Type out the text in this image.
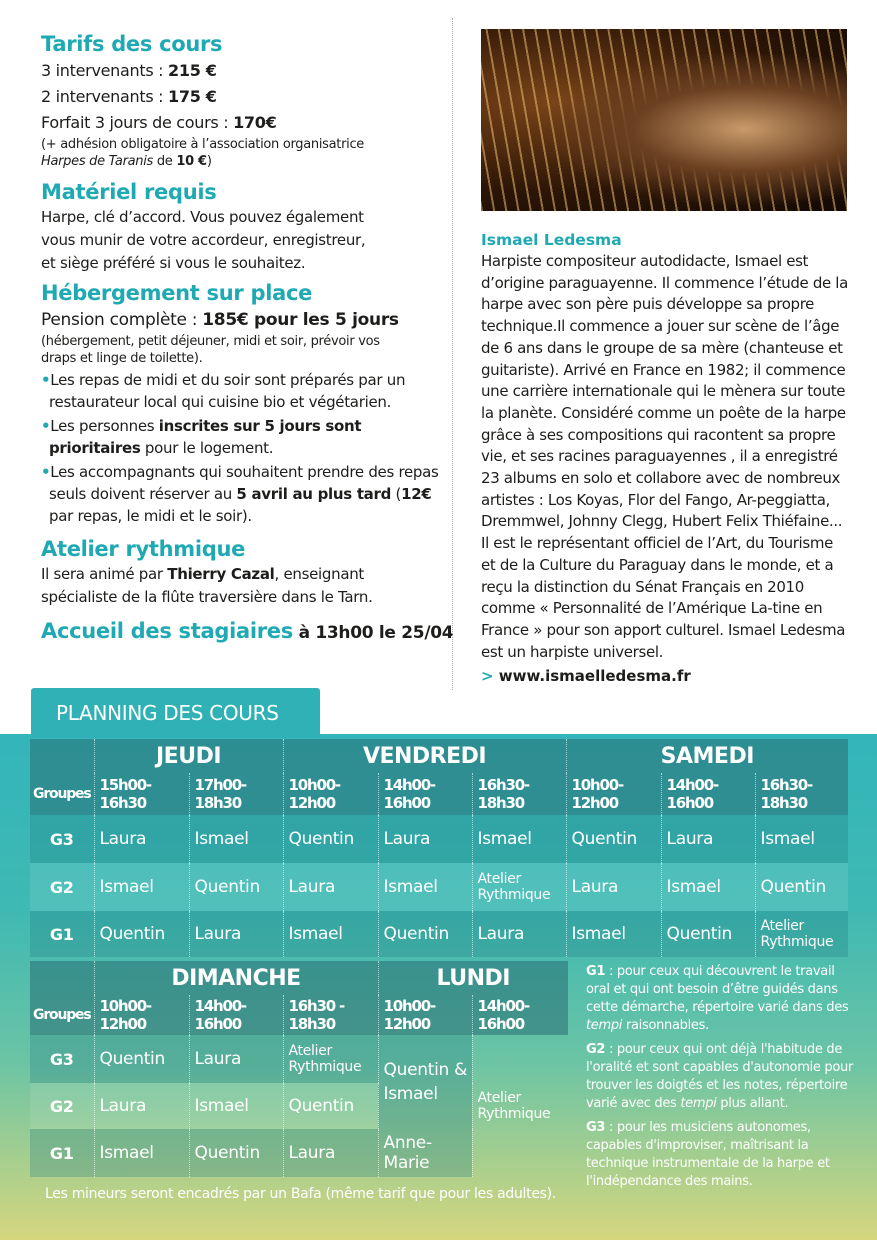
Tarifs des cours
3 intervenants : 215 €
2 intervenants : 175 €
Forfait 3 jours de cours : 170€
(+ adhésion obligatoire à l’association organisatrice
Harpes de Taranis de 10 €)
Matériel requis
Harpe, clé d’accord. Vous pouvez également
vous munir de votre accordeur, enregistreur,
et siège préféré si vous le souhaitez.
Hébergement sur place
Pension complète : 185€ pour les 5 jours
(hébergement, petit déjeuner, midi et soir, prévoir vos draps et linge de toilette).
•Les repas de midi et du soir sont préparés par un restaurateur local qui cuisine bio et végétarien.
•Les personnes inscrites sur 5 jours sont prioritaires pour le logement.
•Les accompagnants qui souhaitent prendre des repas seuls doivent réserver au 5 avril au plus tard (12€ par repas, le midi et le soir).
Atelier rythmique
Il sera animé par Thierry Cazal, enseignant spécialiste de la flûte traversière dans le Tarn.
Accueil des stagiaires à 13h00 le 25/04
Ismael Ledesma
Harpiste compositeur autodidacte, Ismael est d’origine paraguayenne. Il commence l’étude de la harpe avec son père puis développe sa propre technique.Il commence a jouer sur scène de l’âge de 6 ans dans le groupe de sa mère (chanteuse et guitariste). Arrivé en France en 1982; il commence une carrière internationale qui le mènera sur toute la planète. Considéré comme un poête de la harpe grâce à ses compositions qui racontent sa propre vie, et ses racines paraguayennes , il a enregistré 23 albums en solo et collabore avec de nombreux artistes : Los Koyas, Flor del Fango, Ar-peggiatta, Dremmwel, Johnny Clegg, Hubert Felix Thiéfaine... Il est le représentant officiel de l’Art, du Tourisme et de la Culture du Paraguay dans le monde, et a reçu la distinction du Sénat Français en 2010 comme « Personnalité de l’Amérique La-tine en France » pour son apport culturel. Ismael Ledesma est un harpiste universel.
> www.ismaelledesma.fr
PLANNING DES COURS
	JEUDI		VENDREDI			SAMEDI		
Groupes	15h00-16h30	17h00-18h30	10h00-12h00	14h00-16h00	16h30-18h30	10h00-12h00	14h00-16h00	16h30-18h30
G3	Laura	Ismael	Quentin	Laura	Ismael	Quentin	Laura	Ismael
G2	Ismael	Quentin	Laura	Ismael	Atelier Rythmique	Laura	Ismael	Quentin
G1	Quentin	Laura	Ismael	Quentin	Laura	Ismael	Quentin	Atelier Rythmique
	DIMANCHE			LUNDI	
Groupes	10h00-12h00	14h00-16h00	16h30 - 18h30	10h00-12h00	14h00-16h00
G3	Quentin	Laura	Atelier Rythmique	Quentin & Ismael	Atelier Rythmique
G2	Laura	Ismael	Quentin		
G1	Ismael	Quentin	Laura	Anne-Marie	

G1 : pour ceux qui découvrent le travail oral et qui ont besoin d’être guidés dans cette démarche, répertoire varié dans des tempi raisonnables.

G2 : pour ceux qui ont déjà l'habitude de l'oralité et sont capables d'autonomie pour trouver les doigtés et les notes, répertoire varié avec des tempi plus allant.

G3 : pour les musiciens autonomes, capables d'improviser, maîtrisant la technique instrumentale de la harpe et l'indépendance des mains.

Les mineurs seront encadrés par un Bafa (même tarif que pour les adultes).
